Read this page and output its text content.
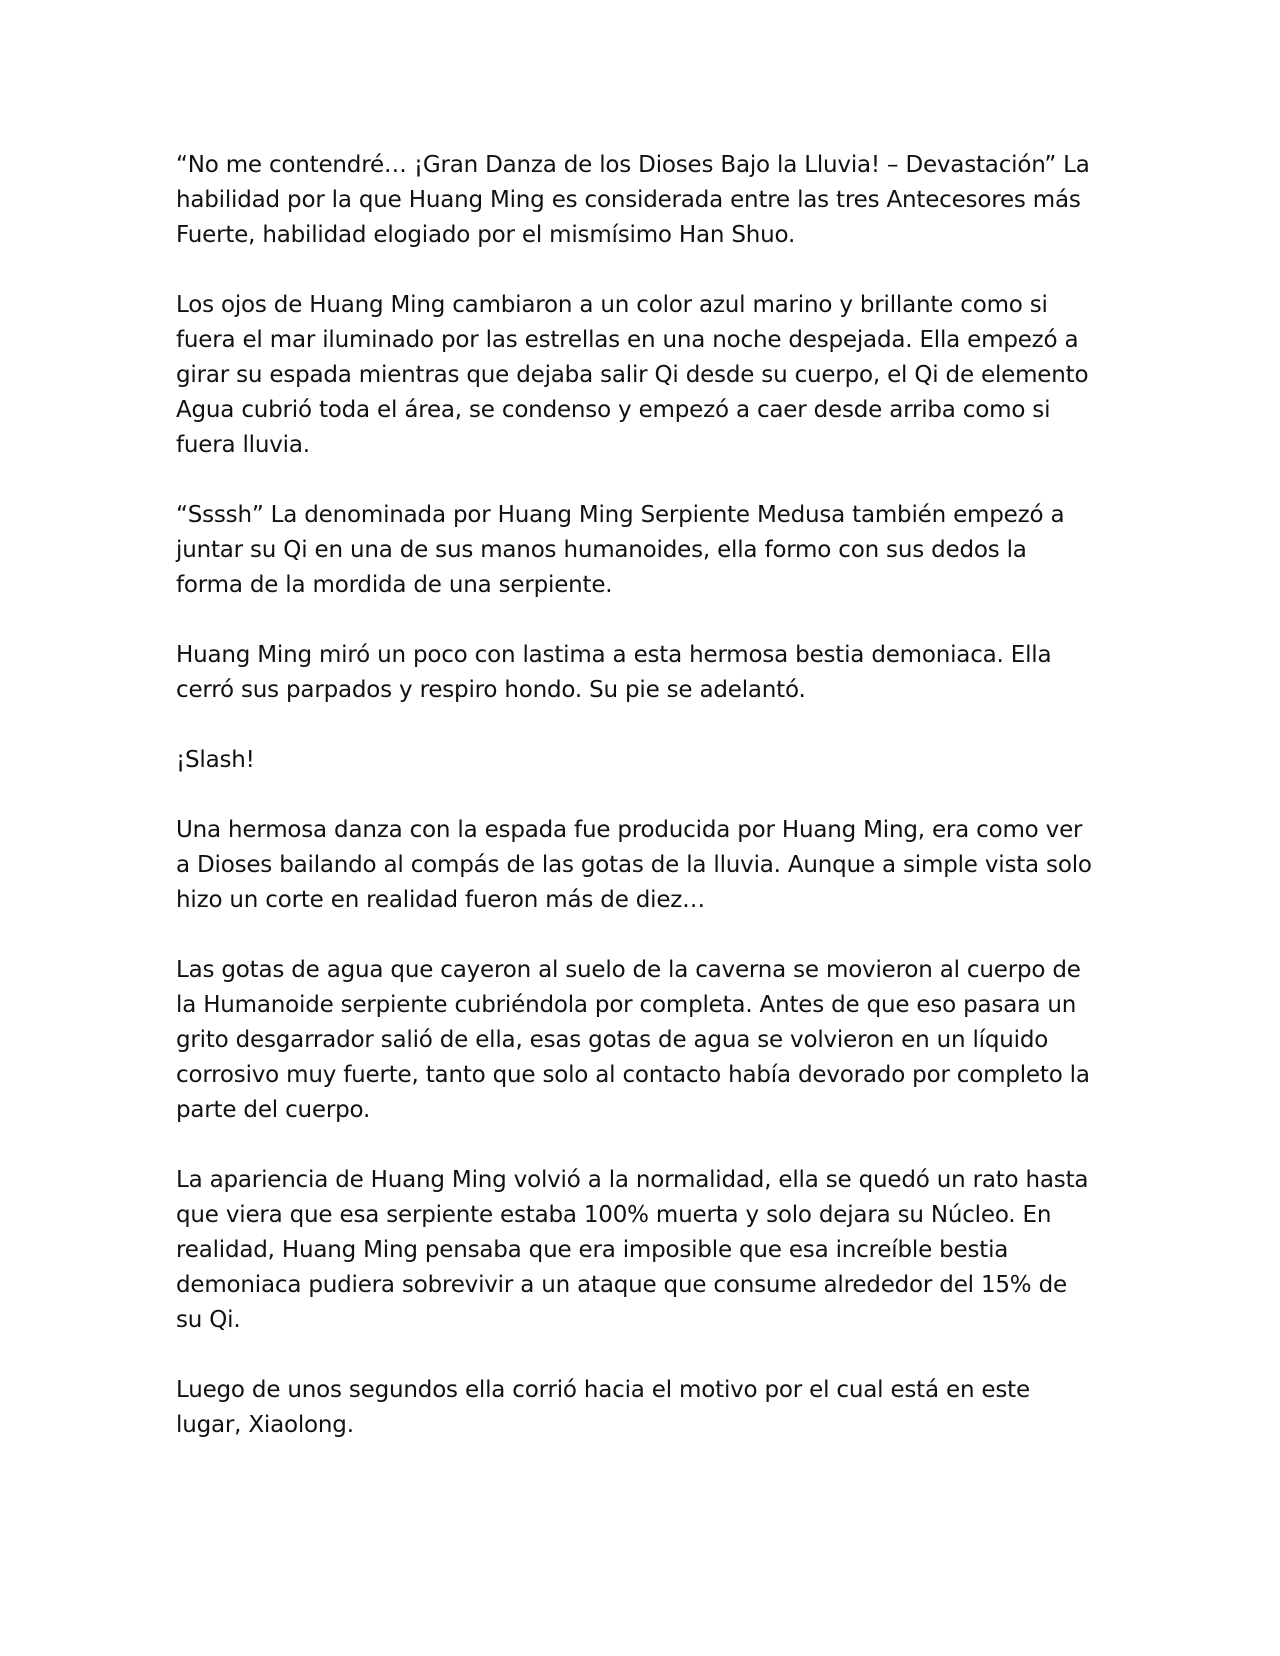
“No me contendré… ¡Gran Danza de los Dioses Bajo la Lluvia! – Devastación” La habilidad por la que Huang Ming es considerada entre las tres Antecesores más Fuerte, habilidad elogiado por el mismísimo Han Shuo.

Los ojos de Huang Ming cambiaron a un color azul marino y brillante como si fuera el mar iluminado por las estrellas en una noche despejada. Ella empezó a girar su espada mientras que dejaba salir Qi desde su cuerpo, el Qi de elemento Agua cubrió toda el área, se condenso y empezó a caer desde arriba como si fuera lluvia.

“Ssssh” La denominada por Huang Ming Serpiente Medusa también empezó a juntar su Qi en una de sus manos humanoides, ella formo con sus dedos la forma de la mordida de una serpiente.

Huang Ming miró un poco con lastima a esta hermosa bestia demoniaca. Ella cerró sus parpados y respiro hondo. Su pie se adelantó.

¡Slash!

Una hermosa danza con la espada fue producida por Huang Ming, era como ver a Dioses bailando al compás de las gotas de la lluvia. Aunque a simple vista solo hizo un corte en realidad fueron más de diez…

Las gotas de agua que cayeron al suelo de la caverna se movieron al cuerpo de la Humanoide serpiente cubriéndola por completa. Antes de que eso pasara un grito desgarrador salió de ella, esas gotas de agua se volvieron en un líquido corrosivo muy fuerte, tanto que solo al contacto había devorado por completo la parte del cuerpo.

La apariencia de Huang Ming volvió a la normalidad, ella se quedó un rato hasta que viera que esa serpiente estaba 100% muerta y solo dejara su Núcleo. En realidad, Huang Ming pensaba que era imposible que esa increíble bestia demoniaca pudiera sobrevivir a un ataque que consume alrededor del 15% de su Qi.

Luego de unos segundos ella corrió hacia el motivo por el cual está en este lugar, Xiaolong.
